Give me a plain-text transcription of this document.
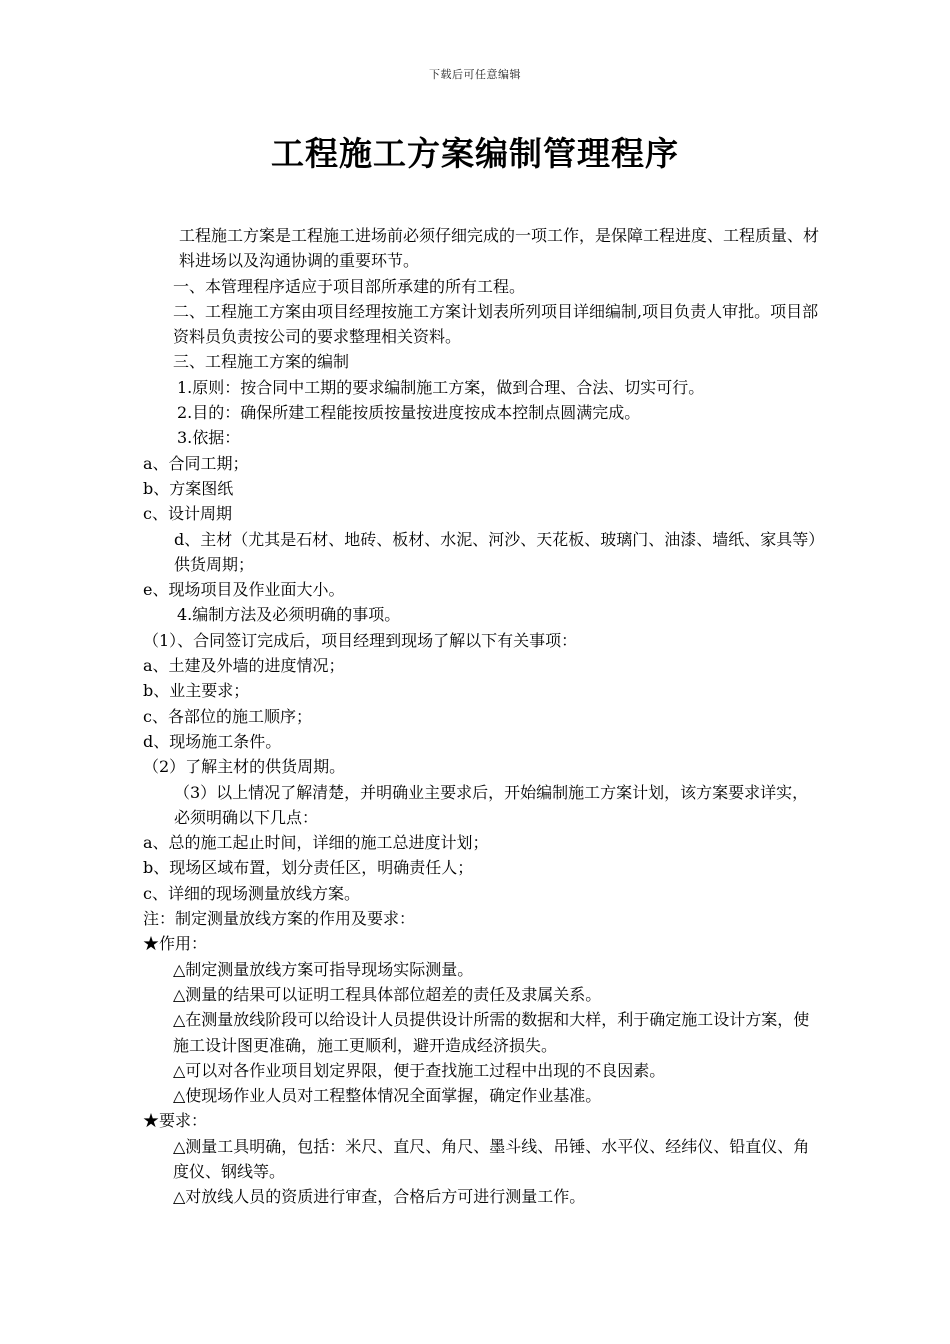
下载后可任意编辑
工程施工方案编制管理程序

工程施工方案是工程施工进场前必须仔细完成的一项工作，是保障工程进度、工程质量、材料进场以及沟通协调的重要环节。

一、本管理程序适应于项目部所承建的所有工程。

二、工程施工方案由项目经理按施工方案计划表所列项目详细编制,项目负责人审批。项目部资料员负责按公司的要求整理相关资料。

三、工程施工方案的编制

1.原则：按合同中工期的要求编制施工方案，做到合理、合法、切实可行。

2.目的：确保所建工程能按质按量按进度按成本控制点圆满完成。

3.依据：

a、合同工期；

b、方案图纸

c、设计周期

d、主材（尤其是石材、地砖、板材、水泥、河沙、天花板、玻璃门、油漆、墙纸、家具等）供货周期；

e、现场项目及作业面大小。

4.编制方法及必须明确的事项。

（1）、合同签订完成后，项目经理到现场了解以下有关事项：

a、土建及外墙的进度情况；

b、业主要求；

c、各部位的施工顺序；

d、现场施工条件。

（2）了解主材的供货周期。

（3）以上情况了解清楚，并明确业主要求后，开始编制施工方案计划，该方案要求详实，必须明确以下几点：

a、总的施工起止时间，详细的施工总进度计划；

b、现场区域布置，划分责任区，明确责任人；

c、详细的现场测量放线方案。

注：制定测量放线方案的作用及要求：

★作用：

△制定测量放线方案可指导现场实际测量。

△测量的结果可以证明工程具体部位超差的责任及隶属关系。

△在测量放线阶段可以给设计人员提供设计所需的数据和大样，利于确定施工设计方案，使施工设计图更准确，施工更顺利，避开造成经济损失。

△可以对各作业项目划定界限，便于查找施工过程中出现的不良因素。

△使现场作业人员对工程整体情况全面掌握，确定作业基准。

★要求：

△测量工具明确，包括：米尺、直尺、角尺、墨斗线、吊锤、水平仪、经纬仪、铅直仪、角度仪、钢线等。

△对放线人员的资质进行审查，合格后方可进行测量工作。
